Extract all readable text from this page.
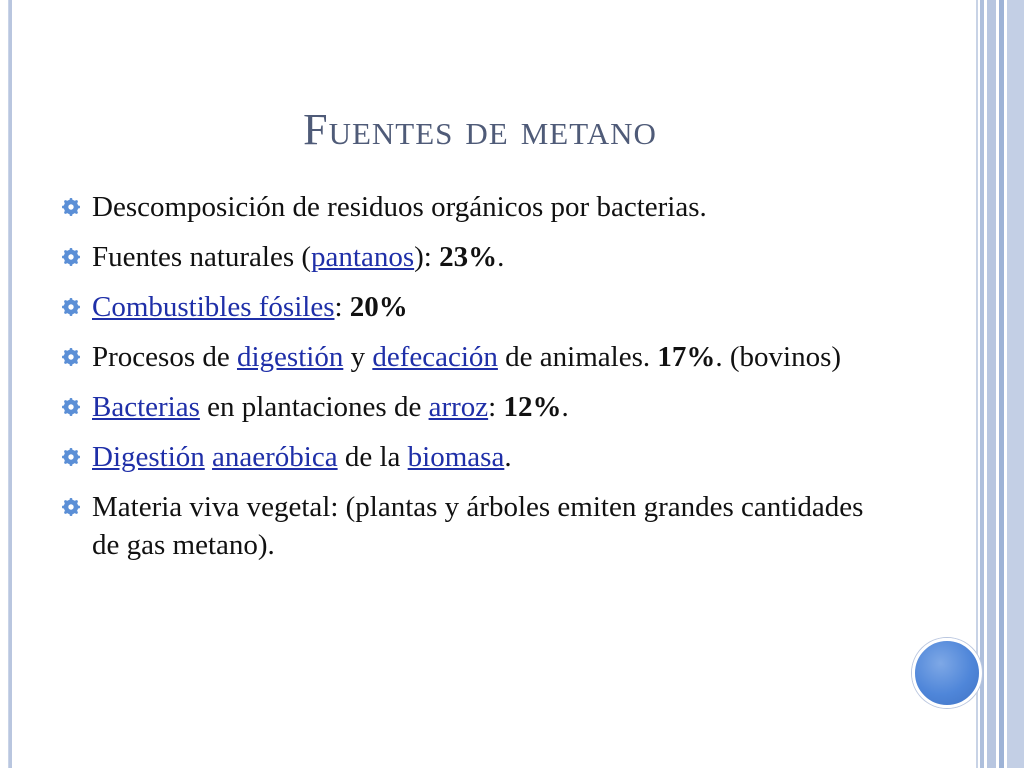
Fuentes de metano
Descomposición de residuos orgánicos por bacterias.
Fuentes naturales (pantanos): 23%.
Combustibles fósiles: 20%
Procesos de digestión y defecación de animales. 17%. (bovinos)
Bacterias en plantaciones de arroz: 12%.
Digestión anaeróbica de la biomasa.
Materia viva vegetal: (plantas y árboles emiten grandes cantidades de gas metano).
